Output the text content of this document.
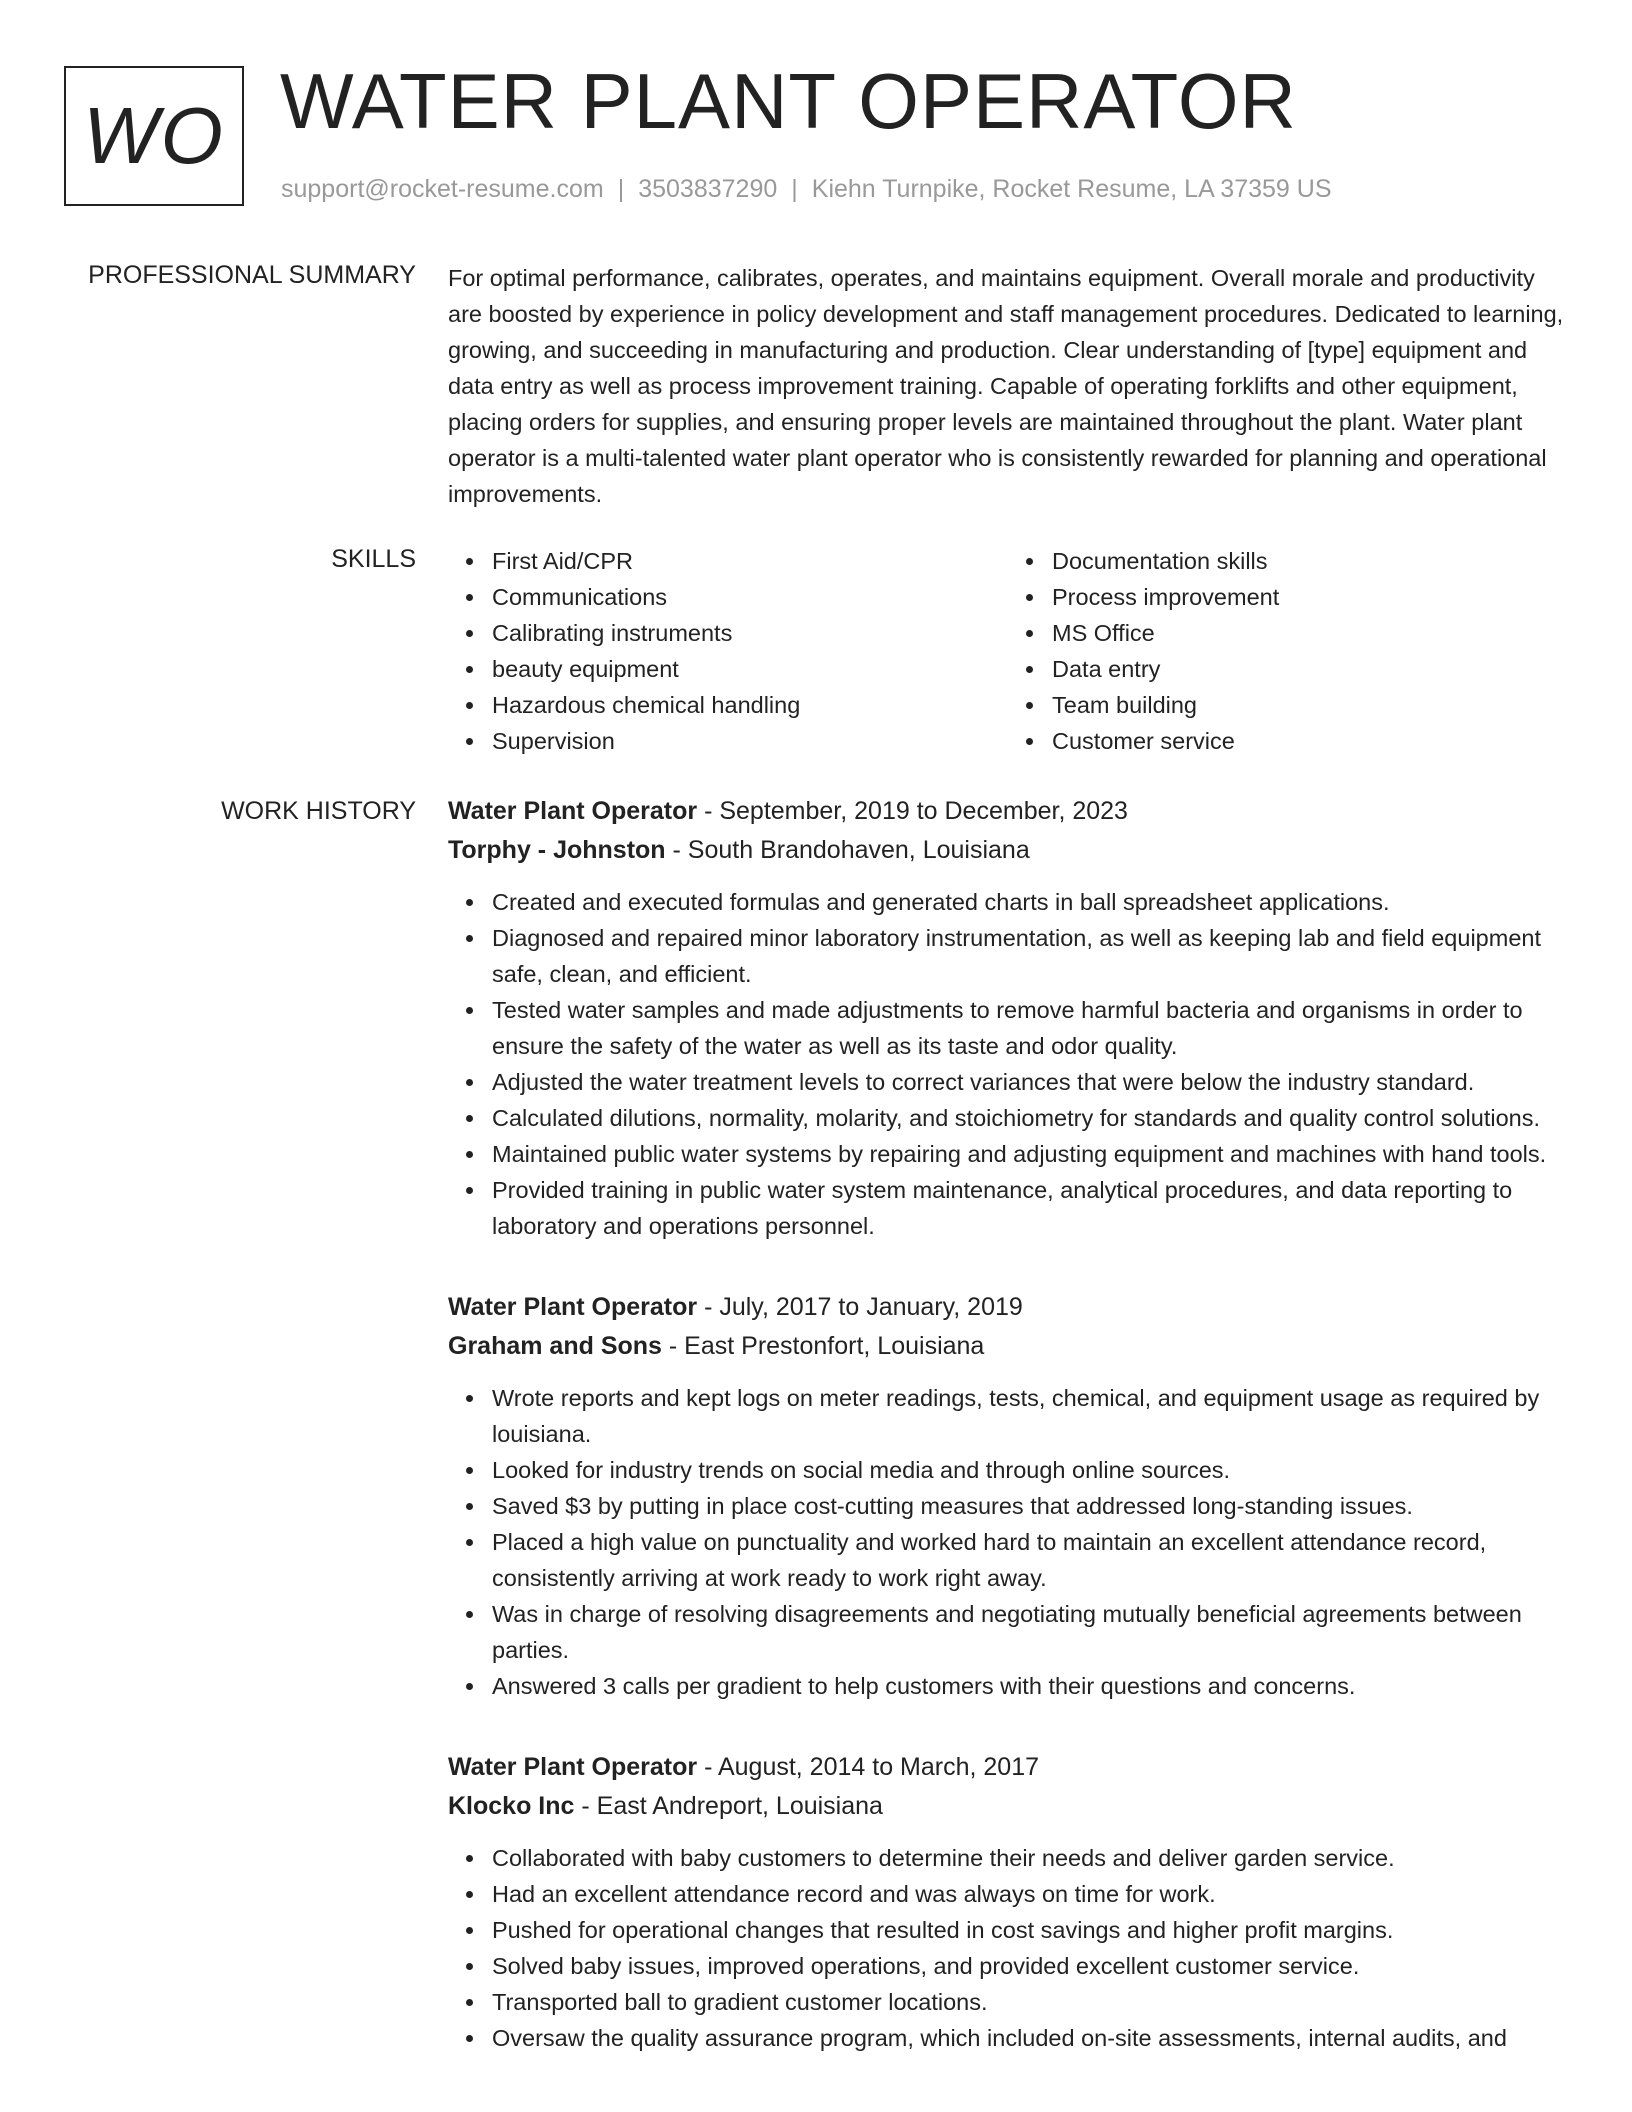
WO WATER PLANT OPERATOR
support@rocket-resume.com | 3503837290 | Kiehn Turnpike, Rocket Resume, LA 37359 US
PROFESSIONAL SUMMARY For optimal performance, calibrates, operates, and maintains equipment. Overall morale and productivity are boosted by experience in policy development and staff management procedures. Dedicated to learning, growing, and succeeding in manufacturing and production. Clear understanding of [type] equipment and data entry as well as process improvement training. Capable of operating forklifts and other equipment, placing orders for supplies, and ensuring proper levels are maintained throughout the plant. Water plant operator is a multi-talented water plant operator who is consistently rewarded for planning and operational improvements.

SKILLS	First Aid/CPR
Communications
Calibrating instruments
beauty equipment
Hazardous chemical handling
Supervision
Documentation skills
Process improvement
MS Office
Data entry
Team building
Customer service
WORK HISTORY Water Plant Operator - September, 2019 to December, 2023
Torphy - Johnston - South Brandohaven, Louisiana
Created and executed formulas and generated charts in ball spreadsheet applications.
Diagnosed and repaired minor laboratory instrumentation, as well as keeping lab and field equipment safe, clean, and efficient.
Tested water samples and made adjustments to remove harmful bacteria and organisms in order to ensure the safety of the water as well as its taste and odor quality.
Adjusted the water treatment levels to correct variances that were below the industry standard.
Calculated dilutions, normality, molarity, and stoichiometry for standards and quality control solutions.
Maintained public water systems by repairing and adjusting equipment and machines with hand tools.
Provided training in public water system maintenance, analytical procedures, and data reporting to laboratory and operations personnel.
Water Plant Operator - July, 2017 to January, 2019
Graham and Sons - East Prestonfort, Louisiana
Wrote reports and kept logs on meter readings, tests, chemical, and equipment usage as required by louisiana.
Looked for industry trends on social media and through online sources.
Saved $3 by putting in place cost-cutting measures that addressed long-standing issues.
Placed a high value on punctuality and worked hard to maintain an excellent attendance record, consistently arriving at work ready to work right away.
Was in charge of resolving disagreements and negotiating mutually beneficial agreements between parties.
Answered 3 calls per gradient to help customers with their questions and concerns.
Water Plant Operator - August, 2014 to March, 2017
Klocko Inc - East Andreport, Louisiana
Collaborated with baby customers to determine their needs and deliver garden service.
Had an excellent attendance record and was always on time for work.
Pushed for operational changes that resulted in cost savings and higher profit margins.
Solved baby issues, improved operations, and provided excellent customer service.
Transported ball to gradient customer locations.
Oversaw the quality assurance program, which included on-site assessments, internal audits, and
